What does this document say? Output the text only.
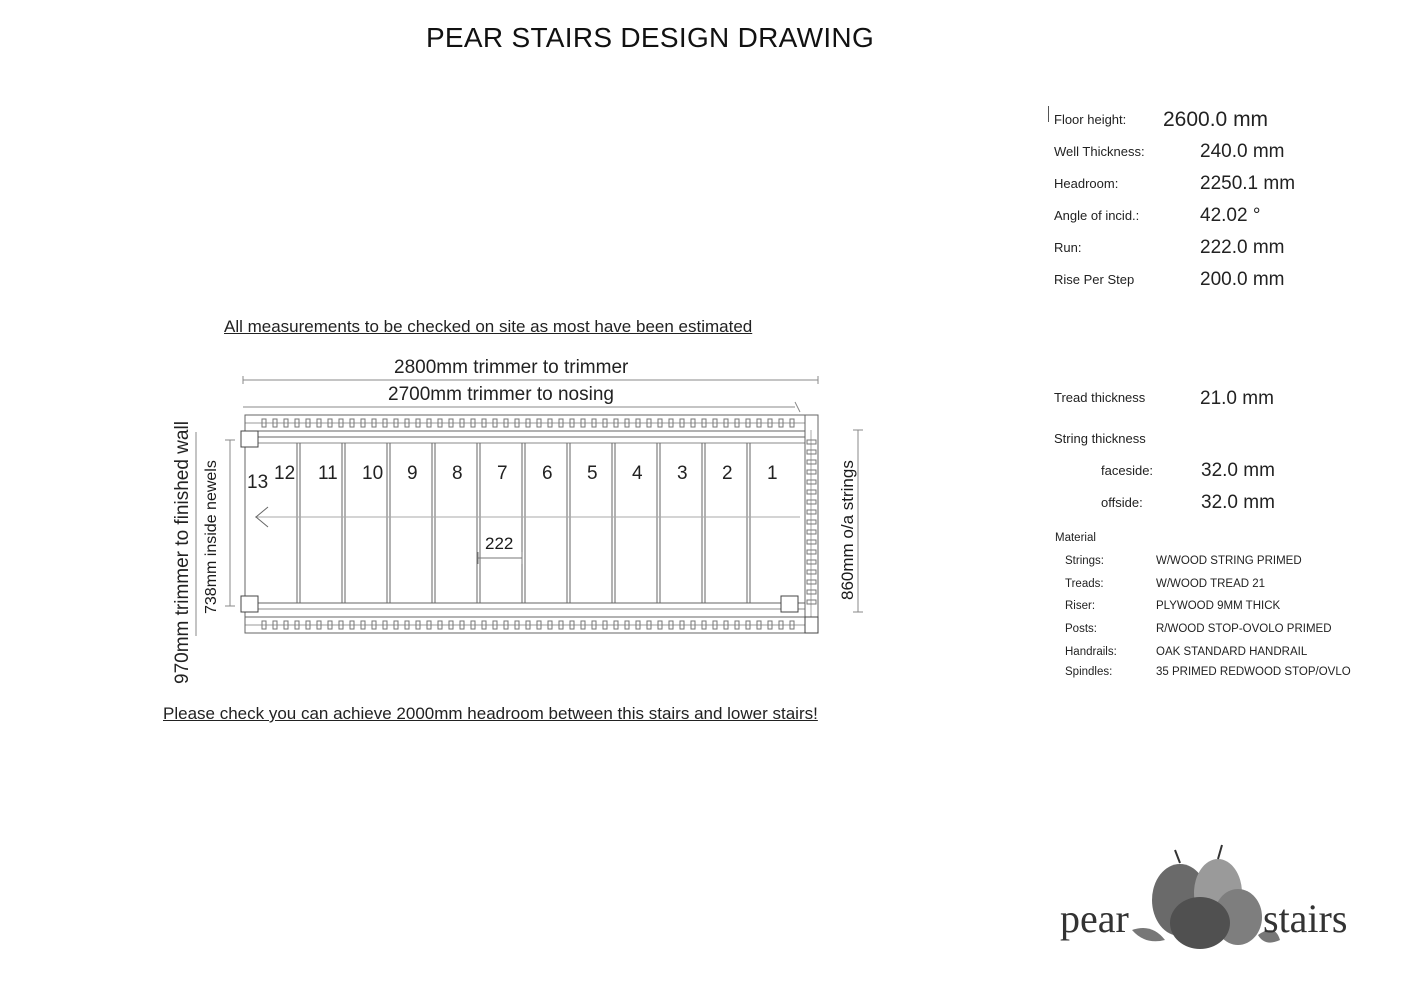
PEAR STAIRS DESIGN DRAWING
Floor height: 2600.0 mm
Well Thickness:	240.0 mm
Headroom:	2250.1 mm
Angle of incid.:	42.02 °
Run:	222.0 mm
Rise Per Step	200.0 mm
Tread thickness	21.0 mm
String thickness
faceside:	32.0 mm
offside:	32.0 mm
Material
Strings:	W/WOOD STRING PRIMED
Treads:	W/WOOD TREAD 21
Riser:	PLYWOOD 9MM THICK
Posts:	R/WOOD STOP-OVOLO PRIMED
Handrails:	OAK STANDARD HANDRAIL
Spindles:	35 PRIMED REDWOOD STOP/OVLO
All measurements to be checked on site as most have been estimated
Please check you can achieve 2000mm headroom between this stairs and lower stairs!
2800mm trimmer to trimmer
2700mm trimmer to nosing
970mm trimmer to finished wall 738mm inside newels	860mm o/a strings
222
1
2
3
4
5
6
7
8
9
10
11
12
13
pear	stairs
